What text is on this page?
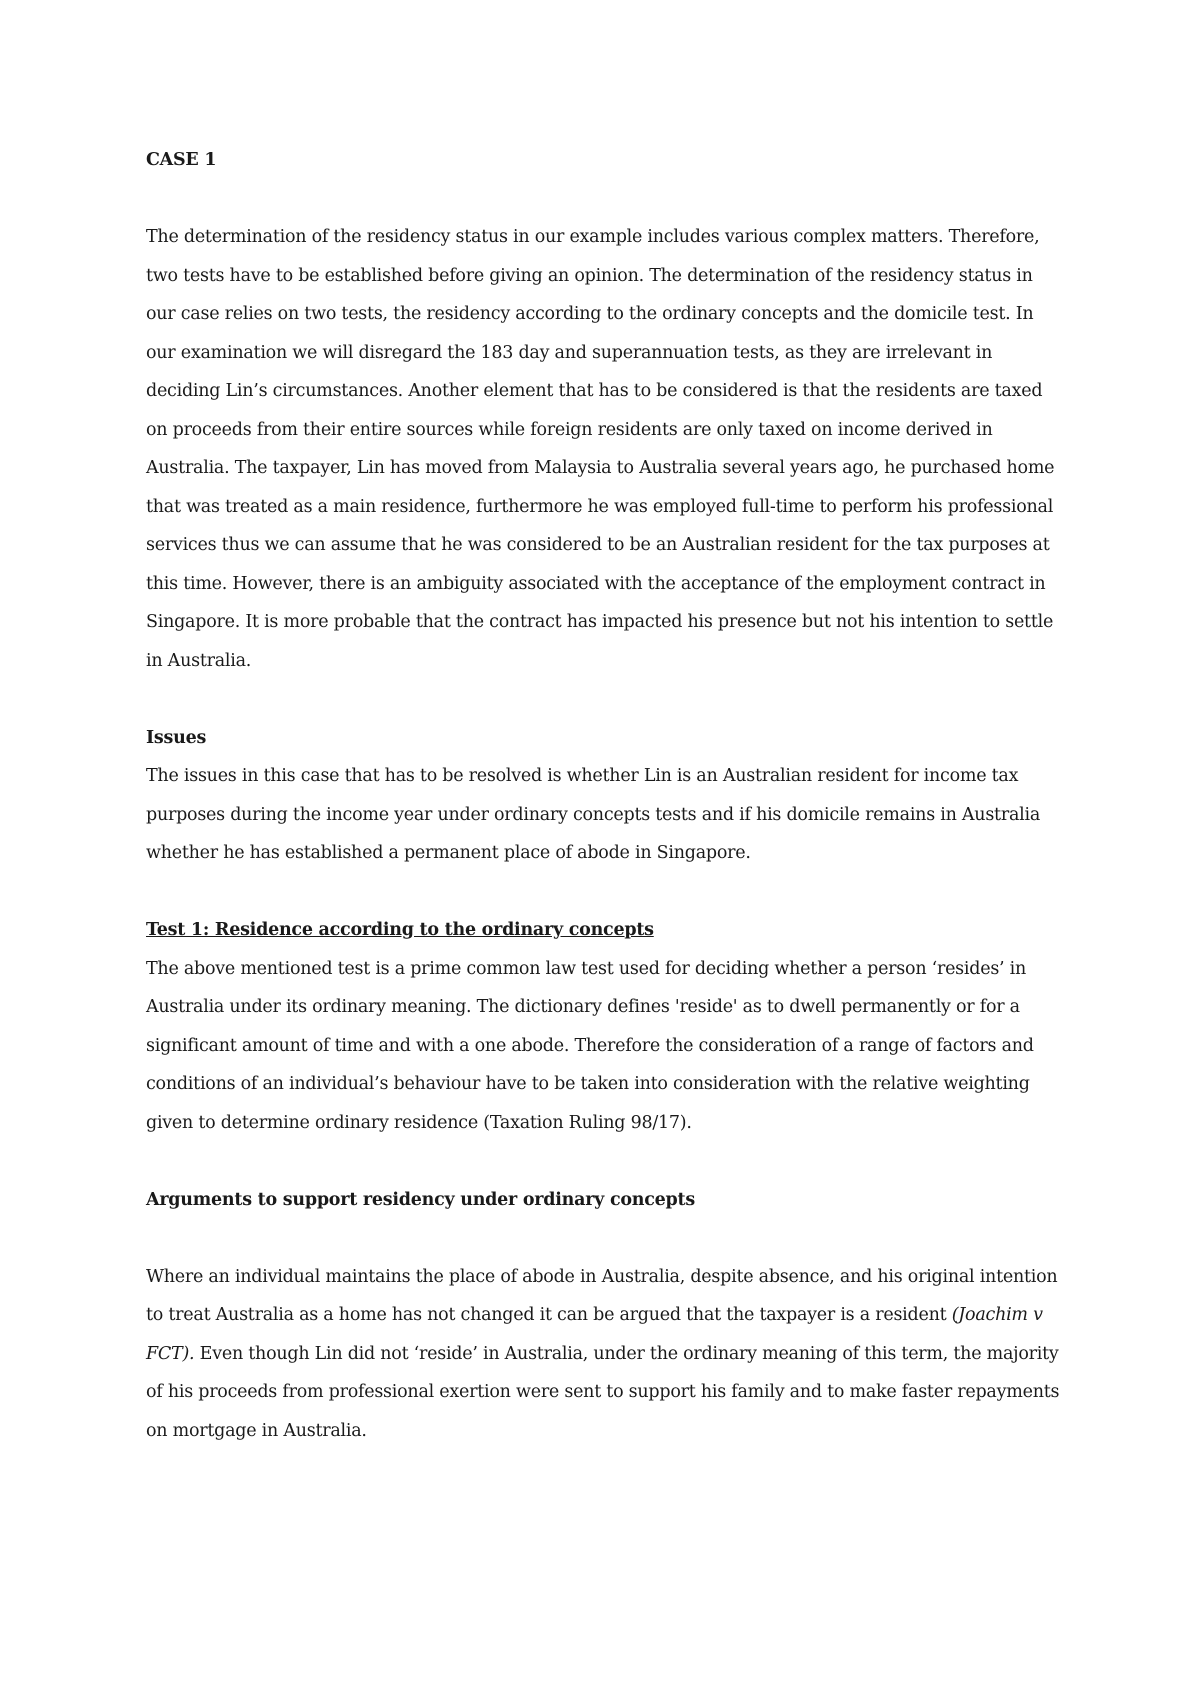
CASE 1

The determination of the residency status in our example includes various complex matters. Therefore, two tests have to be established before giving an opinion. The determination of the residency status in our case relies on two tests, the residency according to the ordinary concepts and the domicile test. In our examination we will disregard the 183 day and superannuation tests, as they are irrelevant in deciding Lin’s circumstances. Another element that has to be considered is that the residents are taxed on proceeds from their entire sources while foreign residents are only taxed on income derived in Australia. The taxpayer, Lin has moved from Malaysia to Australia several years ago, he purchased home that was treated as a main residence, furthermore he was employed full-time to perform his professional services thus we can assume that he was considered to be an Australian resident for the tax purposes at this time. However, there is an ambiguity associated with the acceptance of the employment contract in Singapore. It is more probable that the contract has impacted his presence but not his intention to settle in Australia.

Issues

The issues in this case that has to be resolved is whether Lin is an Australian resident for income tax purposes during the income year under ordinary concepts tests and if his domicile remains in Australia whether he has established a permanent place of abode in Singapore.

Test 1: Residence according to the ordinary concepts

The above mentioned test is a prime common law test used for deciding whether a person ‘resides’ in Australia under its ordinary meaning. The dictionary defines 'reside' as to dwell permanently or for a significant amount of time and with a one abode. Therefore the consideration of a range of factors and conditions of an individual’s behaviour have to be taken into consideration with the relative weighting given to determine ordinary residence (Taxation Ruling 98/17).

Arguments to support residency under ordinary concepts

Where an individual maintains the place of abode in Australia, despite absence, and his original intention to treat Australia as a home has not changed it can be argued that the taxpayer is a resident (Joachim v FCT). Even though Lin did not ‘reside’ in Australia, under the ordinary meaning of this term, the majority of his proceeds from professional exertion were sent to support his family and to make faster repayments on mortgage in Australia.
